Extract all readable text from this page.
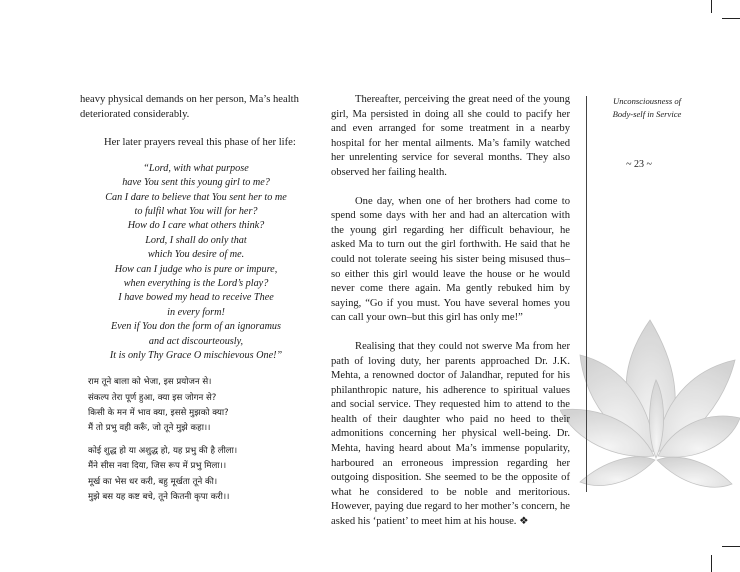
heavy physical demands on her person, Ma’s health deteriorated considerably.

Her later prayers reveal this phase of her life:

“Lord, with what purpose
have You sent this young girl to me?
Can I dare to believe that You sent her to me
to fulfil what You will for her?
How do I care what others think?
Lord, I shall do only that
which You desire of me.
How can I judge who is pure or impure,
when everything is the Lord’s play?
I have bowed my head to receive Thee
in every form!
Even if You don the form of an ignoramus
and act discourteously,
It is only Thy Grace O mischievous One!”
राम तूने बाला को भेजा, इस प्रयोजन से।
संकल्प तेरा पूर्ण हुआ, क्या इस जोगन से?
किसी के मन में भाव क्या, इससे मुझको क्या?
मैं तो प्रभु वही करूँ, जो तूने मुझे कहा।।
कोई शुद्ध हो या अशुद्ध हो, यह प्रभु की है लीला।
मैंने सीस नवा दिया, जिस रूप में प्रभु मिला।।
मूर्ख का भेस धर करी, बहु मूर्खता तूने की।
मुझे बस यह कष्ट बचे, तूने कितनी कृपा करी।।

Thereafter, perceiving the great need of the young girl, Ma persisted in doing all she could to pacify her and even arranged for some treatment in a nearby hospital for her mental ailments. Ma’s family watched her unrelenting service for several months. They also observed her failing health.

One day, when one of her brothers had come to spend some days with her and had an altercation with the young girl regarding her difficult behaviour, he asked Ma to turn out the girl forthwith. He said that he could not tolerate seeing his sister being misused thus–so either this girl would leave the house or he would never come there again. Ma gently rebuked him by saying, “Go if you must. You have several homes you can call your own–but this girl has only me!”

Realising that they could not swerve Ma from her path of loving duty, her parents approached Dr. J.K. Mehta, a renowned doctor of Jalandhar, reputed for his philanthropic nature, his adherence to spiritual values and social service. They requested him to attend to the health of their daughter who paid no heed to their admonitions concerning her physical well-being. Dr. Mehta, having heard about Ma’s immense popularity, harboured an erroneous impression regarding her outgoing disposition. She seemed to be the opposite of what he considered to be noble and meritorious. However, paying due regard to her mother’s concern, he asked his ‘patient’ to meet him at his house. ❖

Unconsciousness of
Body-self in Service
~ 23 ~
